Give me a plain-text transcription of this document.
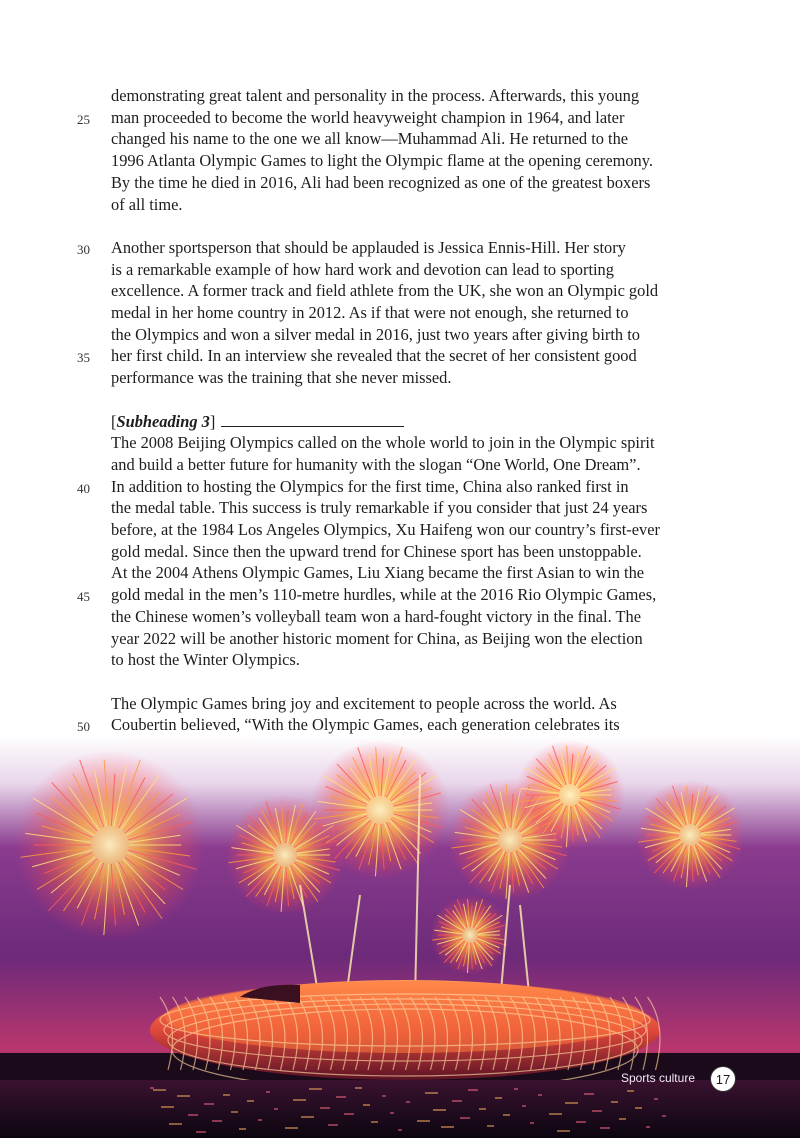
demonstrating great talent and personality in the process. Afterwards, this young
man proceeded to become the world heavyweight champion in 1964, and later
25
changed his name to the one we all know—Muhammad Ali. He returned to the
1996 Atlanta Olympic Games to light the Olympic flame at the opening ceremony.
By the time he died in 2016, Ali had been recognized as one of the greatest boxers
of all time.
Another sportsperson that should be applauded is Jessica Ennis-Hill. Her story
30
is a remarkable example of how hard work and devotion can lead to sporting
excellence. A former track and field athlete from the UK, she won an Olympic gold
medal in her home country in 2012. As if that were not enough, she returned to
the Olympics and won a silver medal in 2016, just two years after giving birth to
her first child. In an interview she revealed that the secret of her consistent good
35
performance was the training that she never missed.
[Subheading 3]
The 2008 Beijing Olympics called on the whole world to join in the Olympic spirit
and build a better future for humanity with the slogan “One World, One Dream”.
In addition to hosting the Olympics for the first time, China also ranked first in
40
the medal table. This success is truly remarkable if you consider that just 24 years
before, at the 1984 Los Angeles Olympics, Xu Haifeng won our country’s first-ever
gold medal. Since then the upward trend for Chinese sport has been unstoppable.
At the 2004 Athens Olympic Games, Liu Xiang became the first Asian to win the
gold medal in the men’s 110-metre hurdles, while at the 2016 Rio Olympic Games,
45
the Chinese women’s volleyball team won a hard-fought victory in the final. The
year 2022 will be another historic moment for China, as Beijing won the election
to host the Winter Olympics.
The Olympic Games bring joy and excitement to people across the world. As
Coubertin believed, “With the Olympic Games, each generation celebrates its
50
Sports culture	17
